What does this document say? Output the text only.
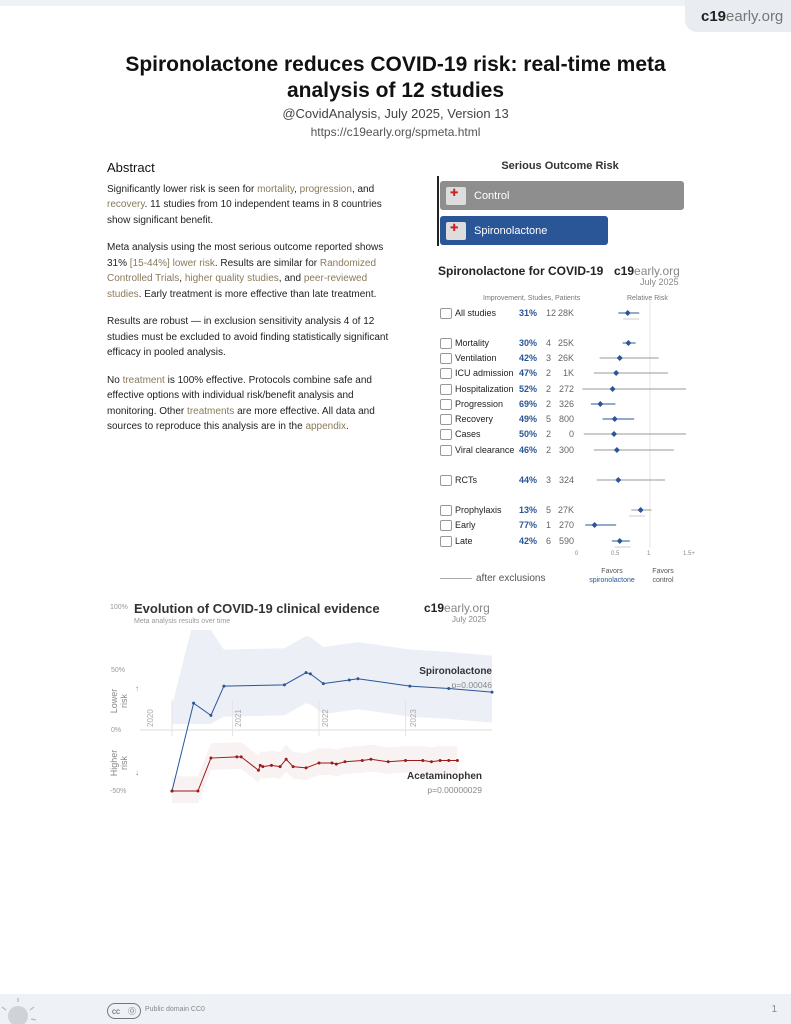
c19early.org
Spironolactone reduces COVID-19 risk: real-time meta analysis of 12 studies
@CovidAnalysis, July 2025, Version 13
https://c19early.org/spmeta.html
Abstract

Significantly lower risk is seen for mortality, progression, and recovery. 11 studies from 10 independent teams in 8 countries show significant benefit.

Meta analysis using the most serious outcome reported shows 31% [15‑44%] lower risk. Results are similar for Randomized Controlled Trials, higher quality studies, and peer-reviewed studies. Early treatment is more effective than late treatment.

Results are robust — in exclusion sensitivity analysis 4 of 12 studies must be excluded to avoid finding statistically significant efficacy in pooled analysis.

No treatment is 100% effective. Protocols combine safe and effective options with individual risk/benefit analysis and monitoring. Other treatments are more effective. All data and sources to reproduce this analysis are in the appendix.

Serious Outcome Risk
✚
Control
✚
Spironolactone
Spironolactone for COVID-19 c19early.org
July 2025
Improvement, Studies, Patients	Relative Risk
All studies	31% 12 28K
Mortality	30% 4 25K
Ventilation	42% 3 26K
ICU admission 47% 2	1K
Hospitalization 52% 2 272
Progression	69% 2 326
Recovery	49% 5 800
Cases	50% 2	0
Viral clearance 46% 2 300
RCTs	44% 3 324
Prophylaxis	13% 5 27K
Early	77% 1 270
Late	42% 6 590
0	0.5	1	1.5+
Favors
spironolactone
Favors
control
after exclusions
100% Evolution of COVID-19 clinical evidence
Meta analysis results over time
c19early.org
July 2025
50%
0%
-50%
Lower risk
Higher risk
↑
↓
2020	2021	2022	2023
Spironolactone
p=0.00046
Acetaminophen
p=0.00000029
cc ⓪ Public domain CC0	1
